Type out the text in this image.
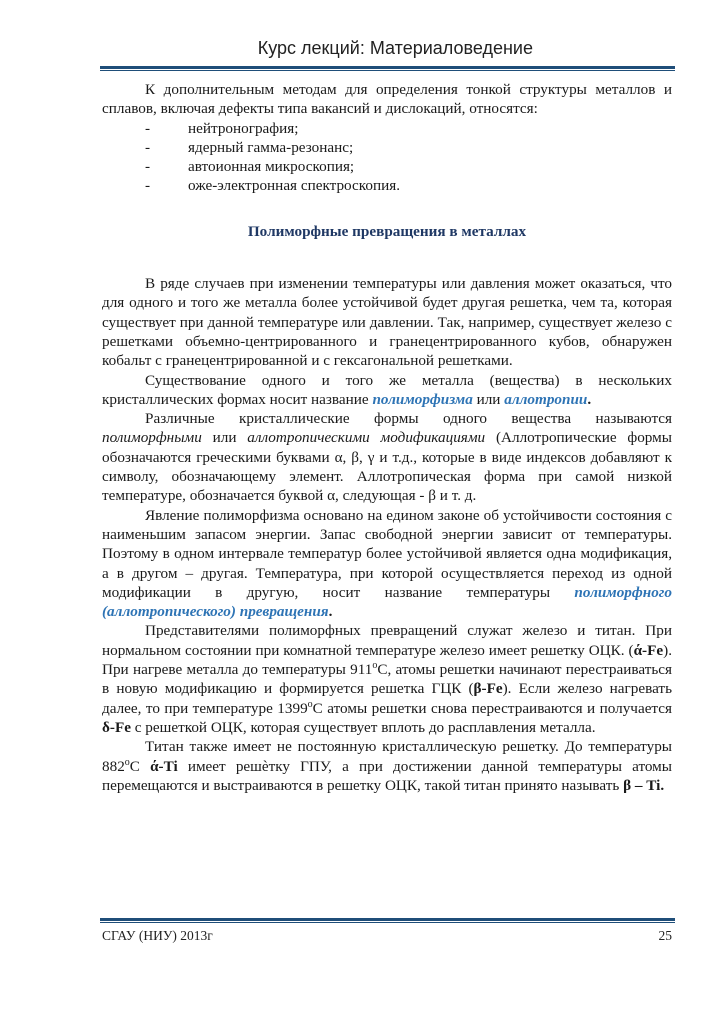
Курс лекций: Материаловедение

К дополнительным методам для определения тонкой структуры металлов и сплавов, включая дефекты типа вакансий и дислокаций, относятся:

- нейтронография;
- ядерный гамма-резонанс;
- автоионная микроскопия;
- оже-электронная спектроскопия.
Полиморфные превращения в металлах

В ряде случаев при изменении температуры или давления может оказаться, что для одного и того же металла более устойчивой будет другая решетка, чем та, которая существует при данной температуре или давлении. Так, например, существует железо с решетками объемно-центрированного и гранецентрированного кубов, обнаружен кобальт с гранецентрированной и с гексагональной решетками.

Существование одного и того же металла (вещества) в нескольких кристаллических формах носит название полиморфизма или аллотропии.

Различные кристаллические формы одного вещества называются полиморфными или аллотропическими модификациями (Аллотропические формы обозначаются греческими буквами α, β, γ и т.д., которые в виде индексов добавляют к символу, обозначающему элемент. Аллотропическая форма при самой низкой температуре, обозначается буквой α, следующая - β и т. д.

Явление полиморфизма основано на едином законе об устойчивости состояния с наименьшим запасом энергии. Запас свободной энергии зависит от температуры. Поэтому в одном интервале температур более устойчивой является одна модификация, а в другом – другая. Температура, при которой осуществляется переход из одной модификации в другую, носит название температуры полиморфного (аллотропического) превращения.

Представителями полиморфных превращений служат железо и титан. При нормальном состоянии при комнатной температуре железо имеет решетку ОЦК. (ά-Fe). При нагреве металла до температуры $911^оС$, атомы решетки начинают перестраиваться в новую модификацию и формируется решетка ГЦК (β-Fe). Если железо нагревать далее, то при температуре $1399^оС$ атомы решетки снова перестраиваются и получается δ-Fe с решеткой ОЦК, которая существует вплоть до расплавления металла.

Титан также имеет не постоянную кристаллическую решетку. До температуры $882^оС$ ά-Ti имеет решѐтку ГПУ, а при достижении данной температуры атомы перемещаются и выстраиваются в решетку ОЦК, такой титан принято называть β – Ti.

СГАУ (НИУ) 2013г	25
